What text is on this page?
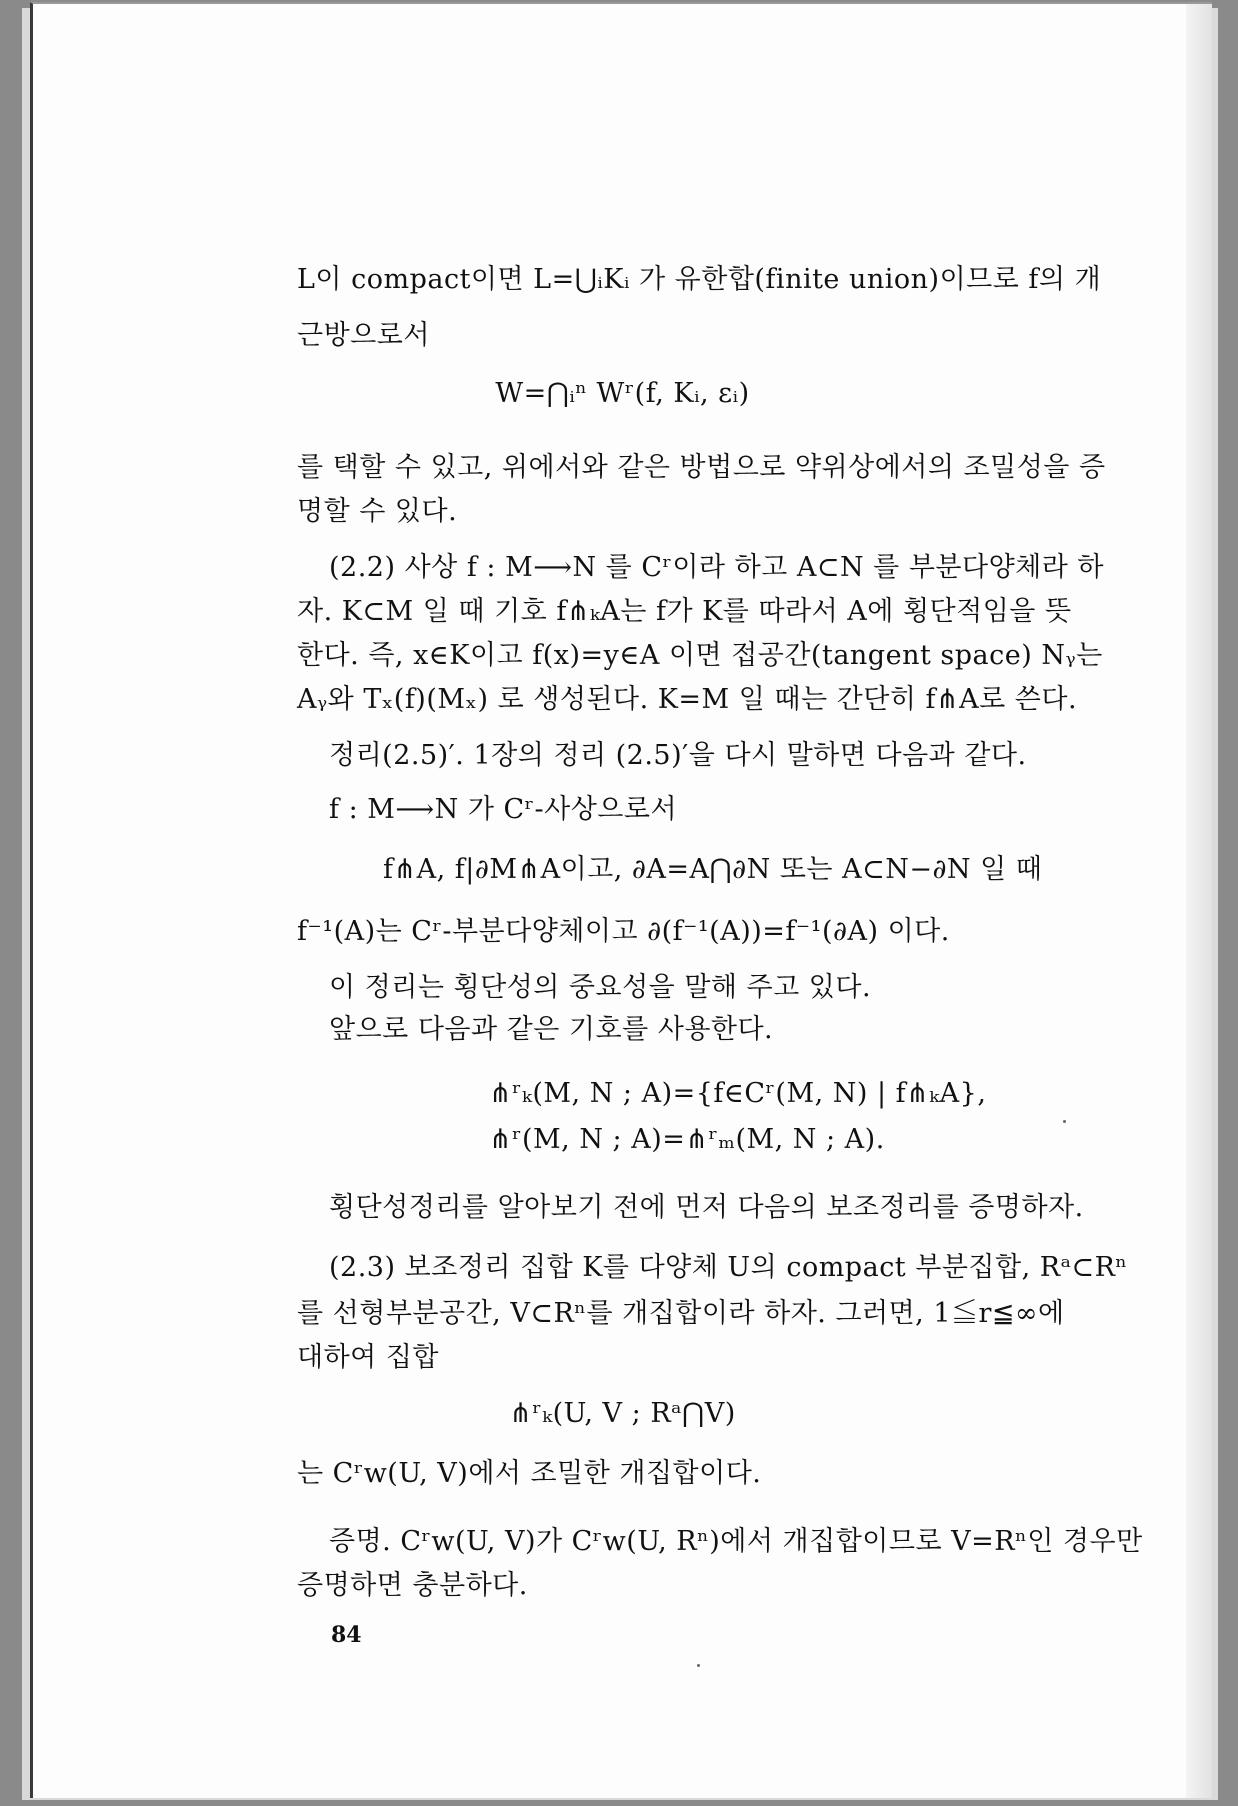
L이 compact이면 L=⋃ᵢKᵢ 가 유한합(finite union)이므로 f의 개
근방으로서
W=⋂ᵢⁿ Wʳ(f, Kᵢ, εᵢ)
를 택할 수 있고, 위에서와 같은 방법으로 약위상에서의 조밀성을 증
명할 수 있다.
(2.2) 사상 f : M⟶N 를 Cʳ이라 하고 A⊂N 를 부분다양체라 하
자. K⊂M 일 때 기호 f⋔ₖA는 f가 K를 따라서 A에 횡단적임을 뜻
한다. 즉, x∈K이고 f(x)=y∈A 이면 접공간(tangent space) Nᵧ는
Aᵧ와 Tₓ(f)(Mₓ) 로 생성된다. K=M 일 때는 간단히 f⋔A로 쓴다.
정리(2.5)′. 1장의 정리 (2.5)′을 다시 말하면 다음과 같다.
f : M⟶N 가 Cʳ-사상으로서
f⋔A, f|∂M⋔A이고, ∂A=A⋂∂N 또는 A⊂N−∂N 일 때
f⁻¹(A)는 Cʳ-부분다양체이고 ∂(f⁻¹(A))=f⁻¹(∂A) 이다.
이 정리는 횡단성의 중요성을 말해 주고 있다.
앞으로 다음과 같은 기호를 사용한다.
⋔ʳₖ(M, N ; A)={f∈Cʳ(M, N) | f⋔ₖA},
⋔ʳ(M, N ; A)=⋔ʳₘ(M, N ; A).
횡단성정리를 알아보기 전에 먼저 다음의 보조정리를 증명하자.
(2.3) 보조정리 집합 K를 다양체 U의 compact 부분집합, Rᵃ⊂Rⁿ
를 선형부분공간, V⊂Rⁿ를 개집합이라 하자. 그러면, 1≦r≦∞에
대하여 집합
⋔ʳₖ(U, V ; Rᵃ⋂V)
는 Cʳw(U, V)에서 조밀한 개집합이다.
증명. Cʳw(U, V)가 Cʳw(U, Rⁿ)에서 개집합이므로 V=Rⁿ인 경우만
증명하면 충분하다.
84
